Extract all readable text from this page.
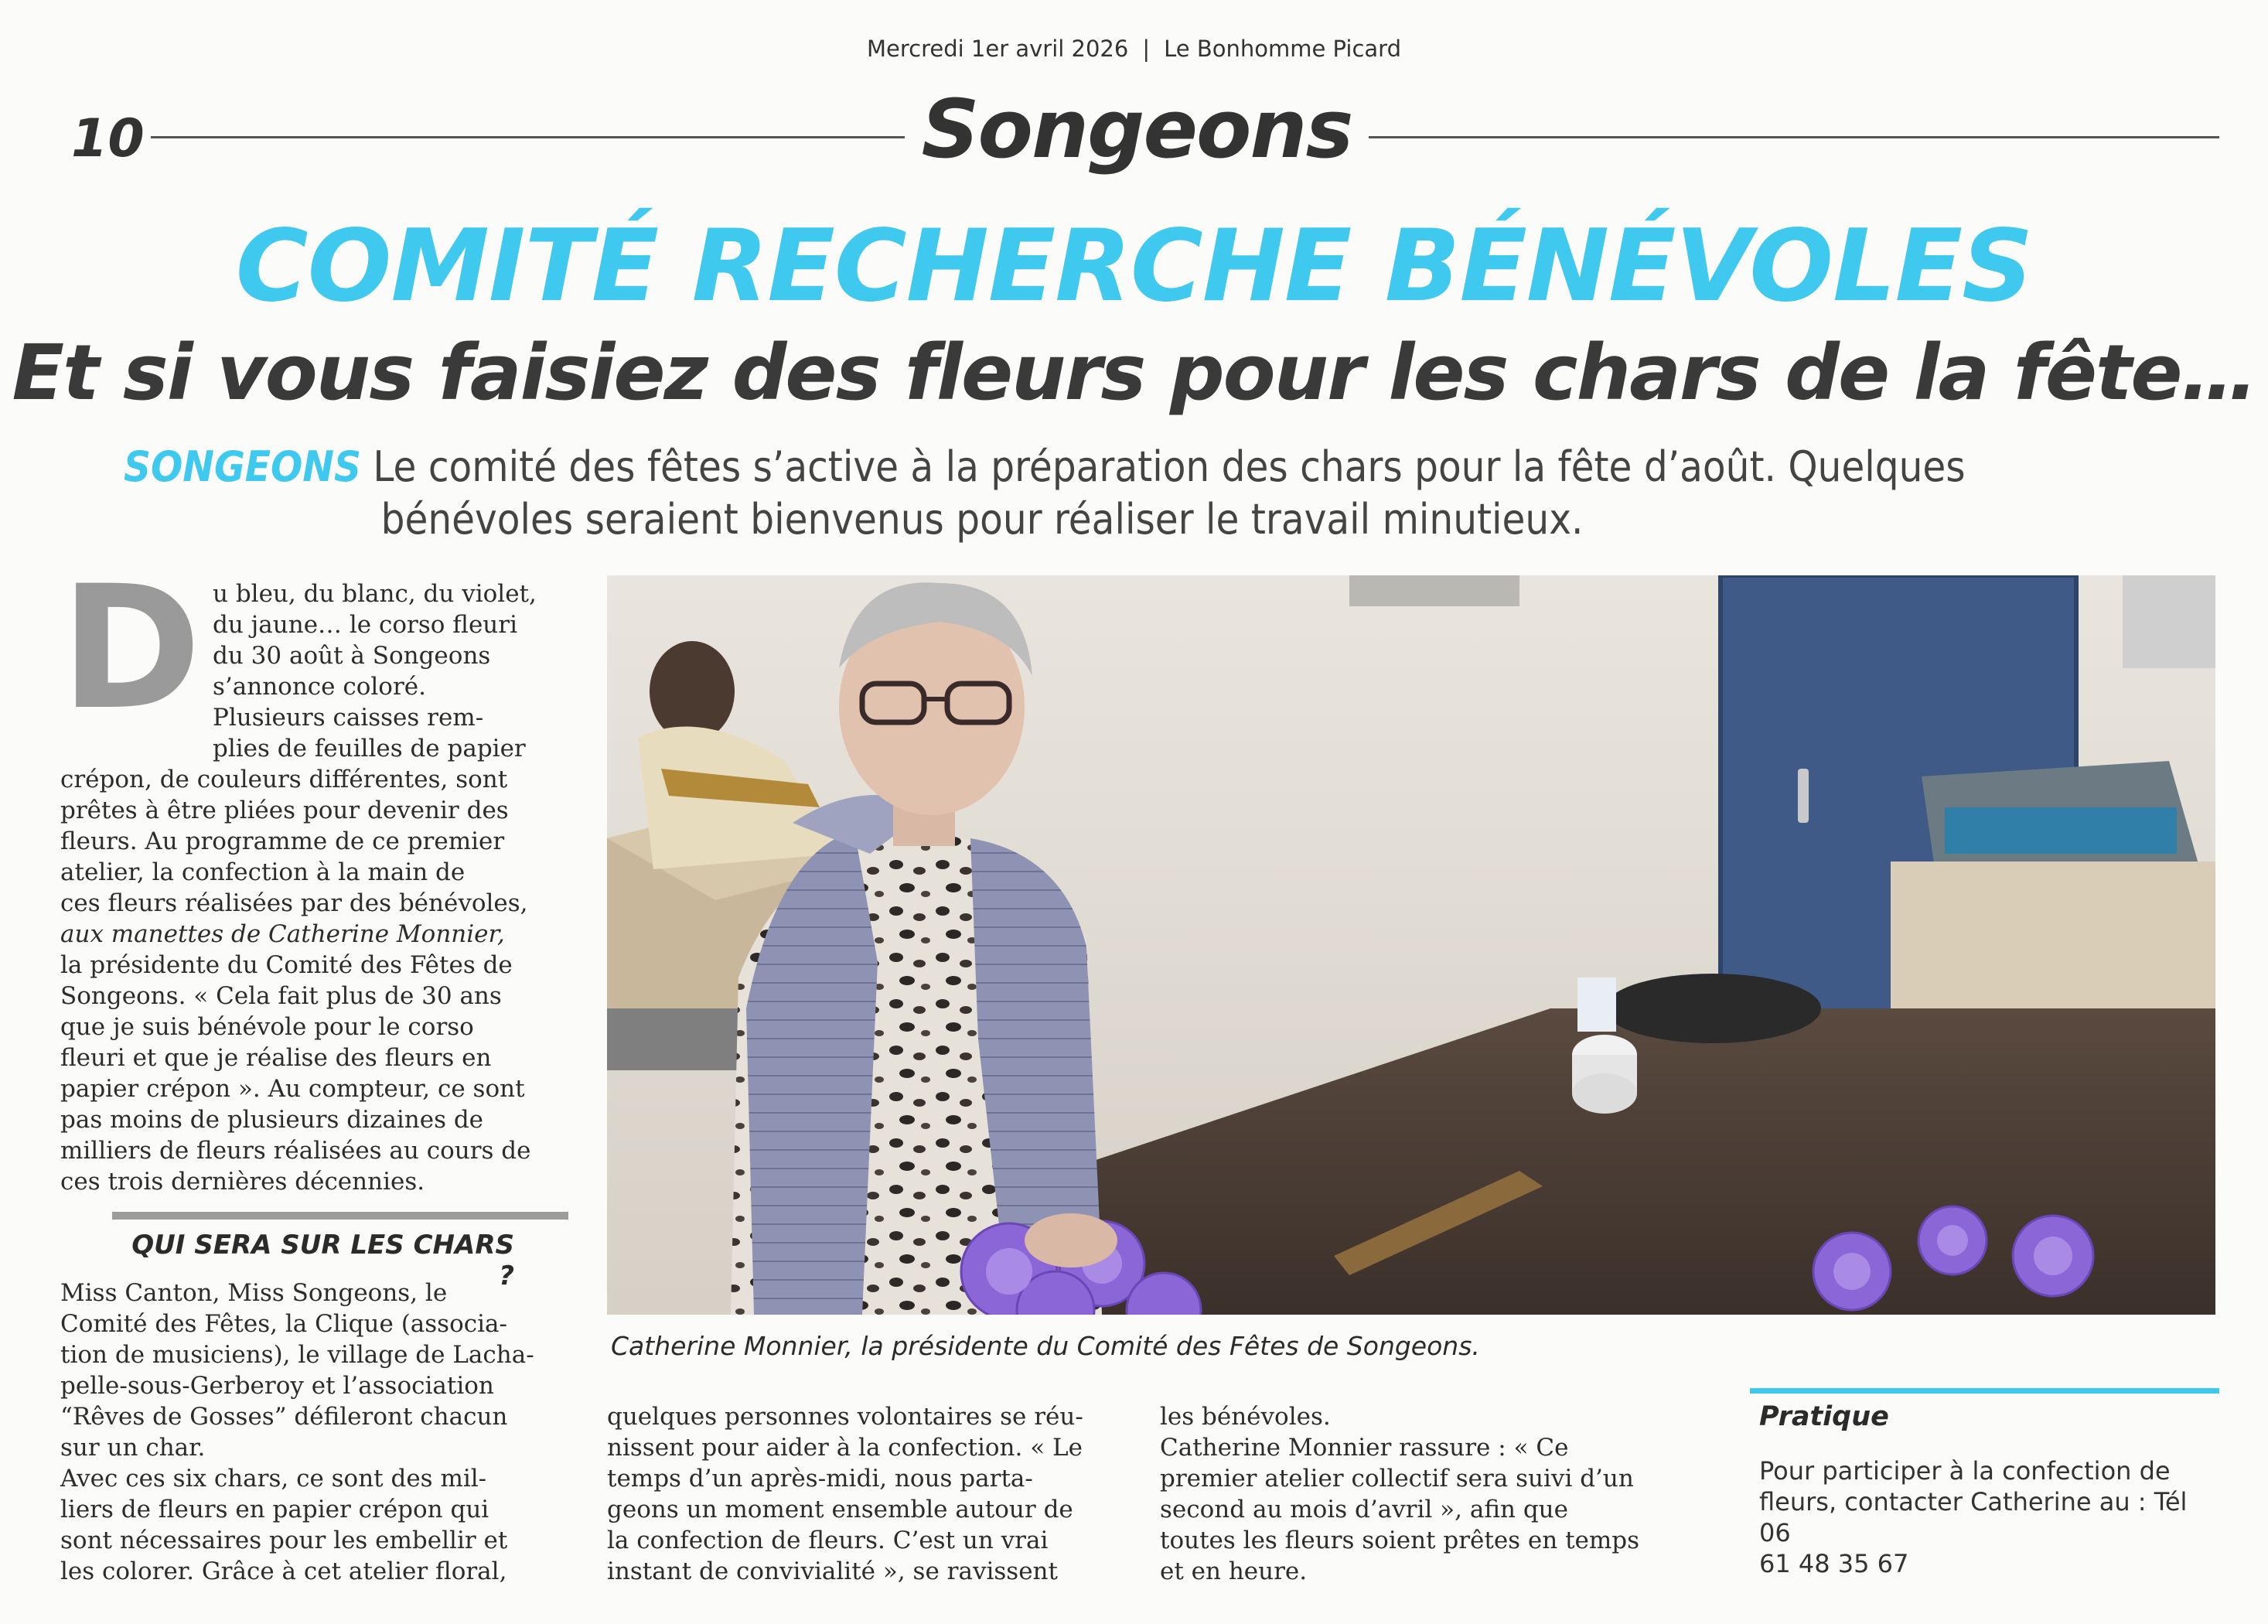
Mercredi 1er avril 2026 | Le Bonhomme Picard
10	Songeons
COMITÉ RECHERCHE BÉNÉVOLES
Et si vous faisiez des fleurs pour les chars de la fête…
SONGEONS Le comité des fêtes s’active à la préparation des chars pour la fête d’août. Quelques
bénévoles seraient bienvenus pour réaliser le travail minutieux.
D u bleu, du blanc, du violet,
du jaune… le corso fleuri
du 30 août à Songeons
s’annonce coloré.
Plusieurs caisses rem-
plies de feuilles de papier
crépon, de couleurs différentes, sont
prêtes à être pliées pour devenir des
fleurs. Au programme de ce premier
atelier, la confection à la main de
ces fleurs réalisées par des bénévoles,
aux manettes de Catherine Monnier,
la présidente du Comité des Fêtes de
Songeons. « Cela fait plus de 30 ans
que je suis bénévole pour le corso
fleuri et que je réalise des fleurs en
papier crépon ». Au compteur, ce sont
pas moins de plusieurs dizaines de
milliers de fleurs réalisées au cours de
ces trois dernières décennies.
QUI SERA SUR LES CHARS ?
Miss Canton, Miss Songeons, le
Comité des Fêtes, la Clique (associa-
tion de musiciens), le village de Lacha-
pelle-sous-Gerberoy et l’association
“Rêves de Gosses” défileront chacun
sur un char.
Avec ces six chars, ce sont des mil-
liers de fleurs en papier crépon qui
sont nécessaires pour les embellir et
les colorer. Grâce à cet atelier floral,
Catherine Monnier, la présidente du Comité des Fêtes de Songeons.
quelques personnes volontaires se réu-
nissent pour aider à la confection. « Le
temps d’un après-midi, nous parta-
geons un moment ensemble autour de
la confection de fleurs. C’est un vrai
instant de convivialité », se ravissent
les bénévoles.
Catherine Monnier rassure : « Ce
premier atelier collectif sera suivi d’un
second au mois d’avril », afin que
toutes les fleurs soient prêtes en temps
et en heure.
Pratique
Pour participer à la confection de
fleurs, contacter Catherine au : Tél 06
61 48 35 67
